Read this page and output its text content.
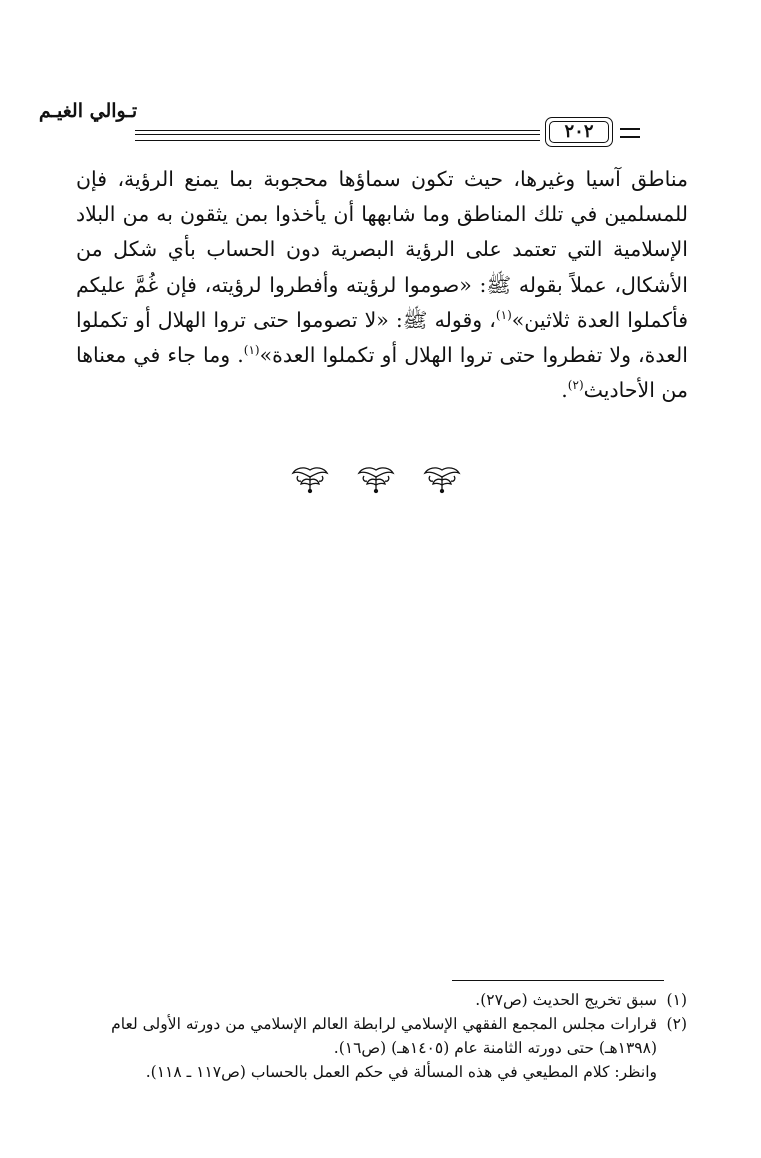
تـوالي الغيـم
٢٠٢

مناطق آسيا وغيرها، حيث تكون سماؤها محجوبة بما يمنع الرؤية، فإن للمسلمين في تلك المناطق وما شابهها أن يأخذوا بمن يثقون به من البلاد الإسلامية التي تعتمد على الرؤية البصرية دون الحساب بأي شكل من الأشكال، عملاً بقوله ﷺ: «صوموا لرؤيته وأفطروا لرؤيته، فإن غُمَّ عليكم فأكملوا العدة ثلاثين»$^{(١)}$، وقوله ﷺ: «لا تصوموا حتى تروا الهلال أو تكملوا العدة، ولا تفطروا حتى تروا الهلال أو تكملوا العدة»$^{(١)}$. وما جاء في معناها من الأحاديث$^{(٢)}$.

(١)
سبق تخريج الحديث (ص٢٧).
(٢)
قرارات مجلس المجمع الفقهي الإسلامي لرابطة العالم الإسلامي من دورته الأولى لعام (١٣٩٨هـ) حتى دورته الثامنة عام (١٤٠٥هـ) (ص١٦).
وانظر: كلام المطيعي في هذه المسألة في حكم العمل بالحساب (ص١١٧ ـ ١١٨).
